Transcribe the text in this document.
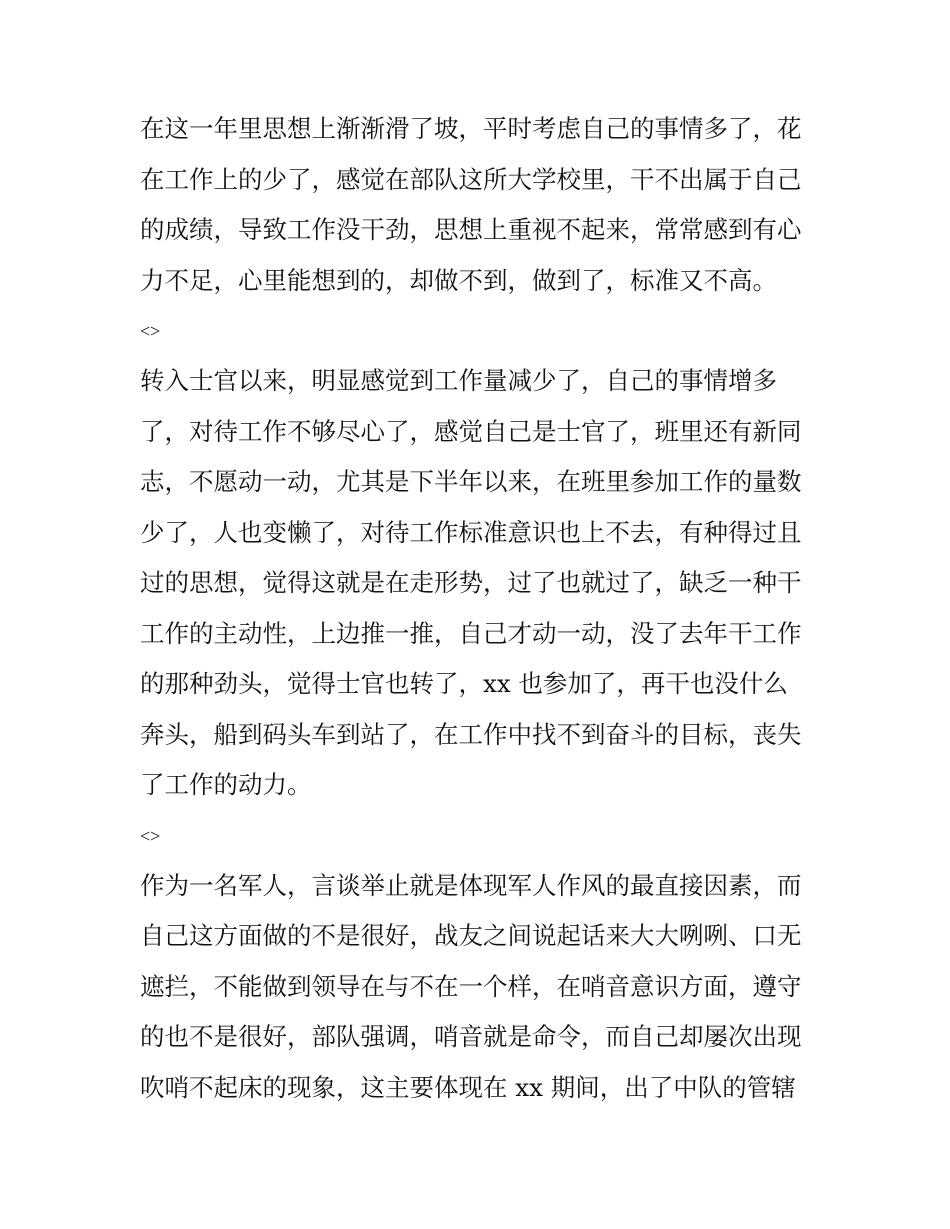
在这一年里思想上渐渐滑了坡，平时考虑自己的事情多了，花
在工作上的少了，感觉在部队这所大学校里，干不出属于自己
的成绩，导致工作没干劲，思想上重视不起来，常常感到有心
力不足，心里能想到的，却做不到，做到了，标准又不高。
<>
转入士官以来，明显感觉到工作量减少了，自己的事情增多
了，对待工作不够尽心了，感觉自己是士官了，班里还有新同
志，不愿动一动，尤其是下半年以来，在班里参加工作的量数
少了，人也变懒了，对待工作标准意识也上不去，有种得过且
过的思想，觉得这就是在走形势，过了也就过了，缺乏一种干
工作的主动性，上边推一推，自己才动一动，没了去年干工作
的那种劲头，觉得士官也转了，xx 也参加了，再干也没什么
奔头，船到码头车到站了，在工作中找不到奋斗的目标，丧失
了工作的动力。
<>
作为一名军人，言谈举止就是体现军人作风的最直接因素，而
自己这方面做的不是很好，战友之间说起话来大大咧咧、口无
遮拦，不能做到领导在与不在一个样，在哨音意识方面，遵守
的也不是很好，部队强调，哨音就是命令，而自己却屡次出现
吹哨不起床的现象，这主要体现在 xx 期间，出了中队的管辖
